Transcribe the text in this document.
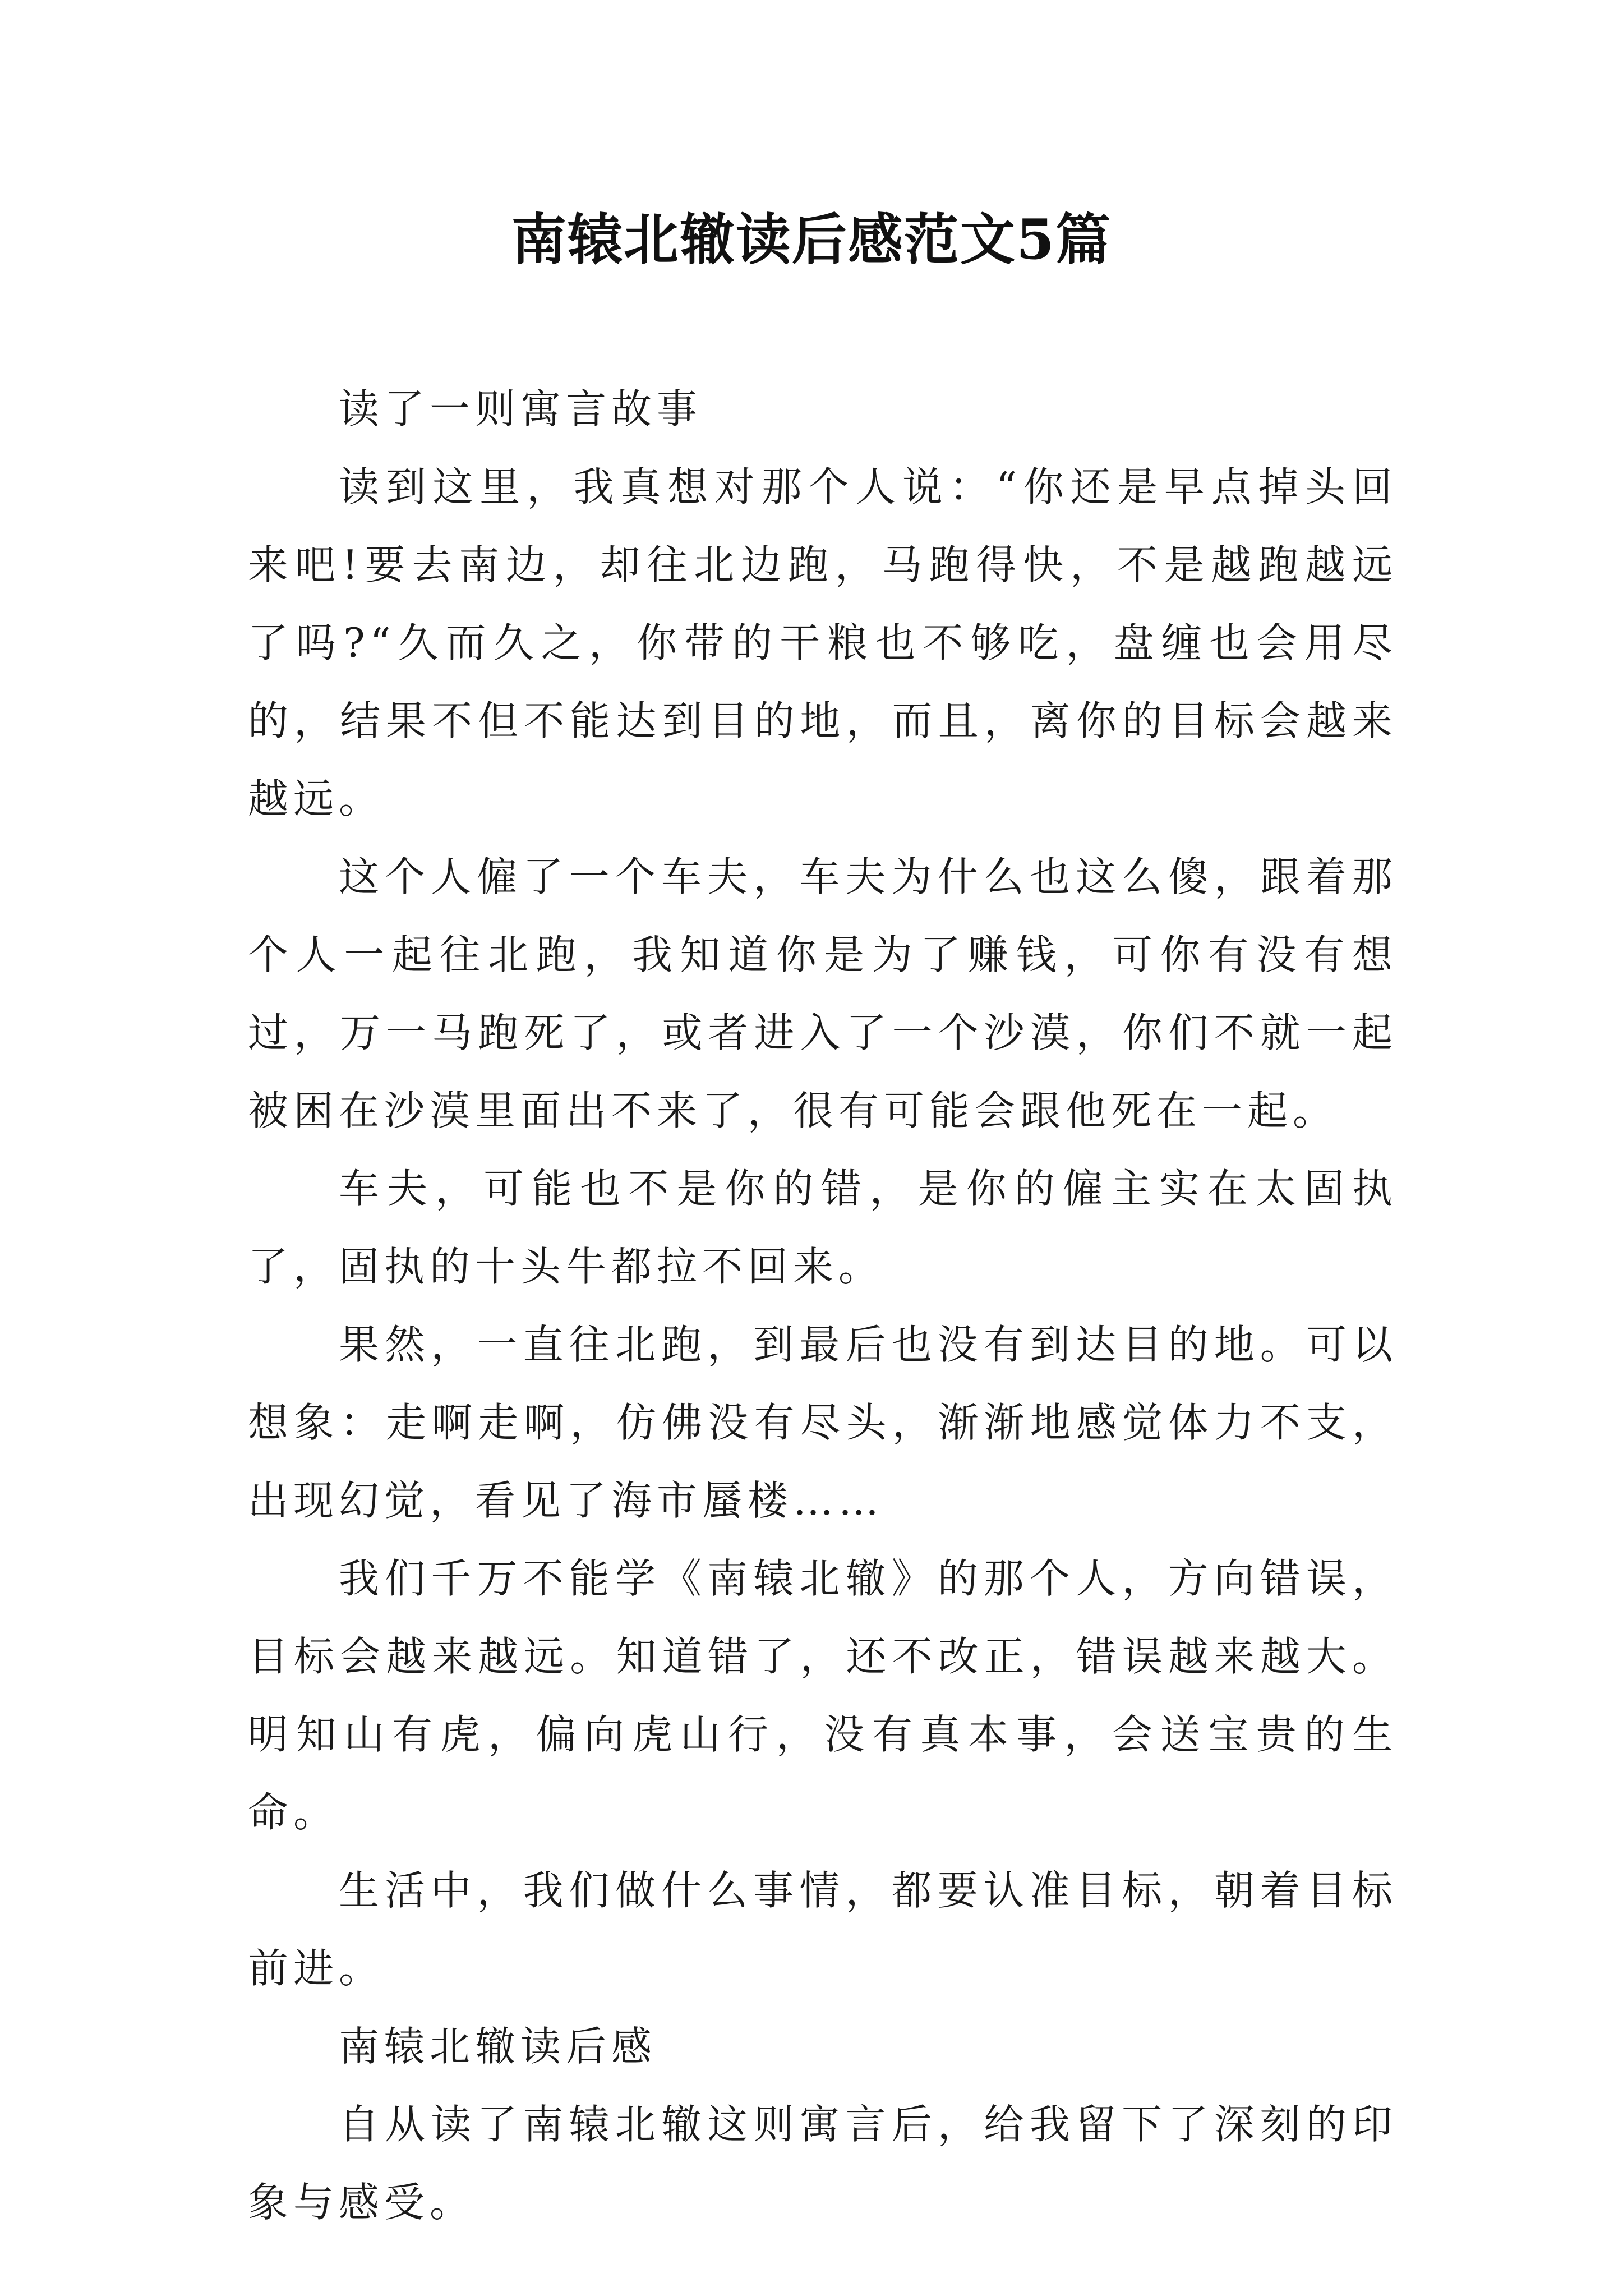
南辕北辙读后感范文5篇

读了一则寓言故事

读到这里，我真想对那个人说：“你还是早点掉头回来吧!要去南边，却往北边跑，马跑得快，不是越跑越远了吗?“久而久之，你带的干粮也不够吃，盘缠也会用尽的，结果不但不能达到目的地，而且，离你的目标会越来越远。

这个人僱了一个车夫，车夫为什么也这么傻，跟着那个人一起往北跑，我知道你是为了赚钱，可你有没有想过，万一马跑死了，或者进入了一个沙漠，你们不就一起被困在沙漠里面出不来了，很有可能会跟他死在一起。

车夫，可能也不是你的错，是你的僱主实在太固执了，固执的十头牛都拉不回来。

果然，一直往北跑，到最后也没有到达目的地。可以想象：走啊走啊，仿佛没有尽头，渐渐地感觉体力不支，出现幻觉，看见了海市蜃楼……

我们千万不能学《南辕北辙》的那个人，方向错误，目标会越来越远。知道错了，还不改正，错误越来越大。明知山有虎，偏向虎山行，没有真本事，会送宝贵的生命。

生活中，我们做什么事情，都要认准目标，朝着目标前进。

南辕北辙读后感

自从读了南辕北辙这则寓言后，给我留下了深刻的印象与感受。
